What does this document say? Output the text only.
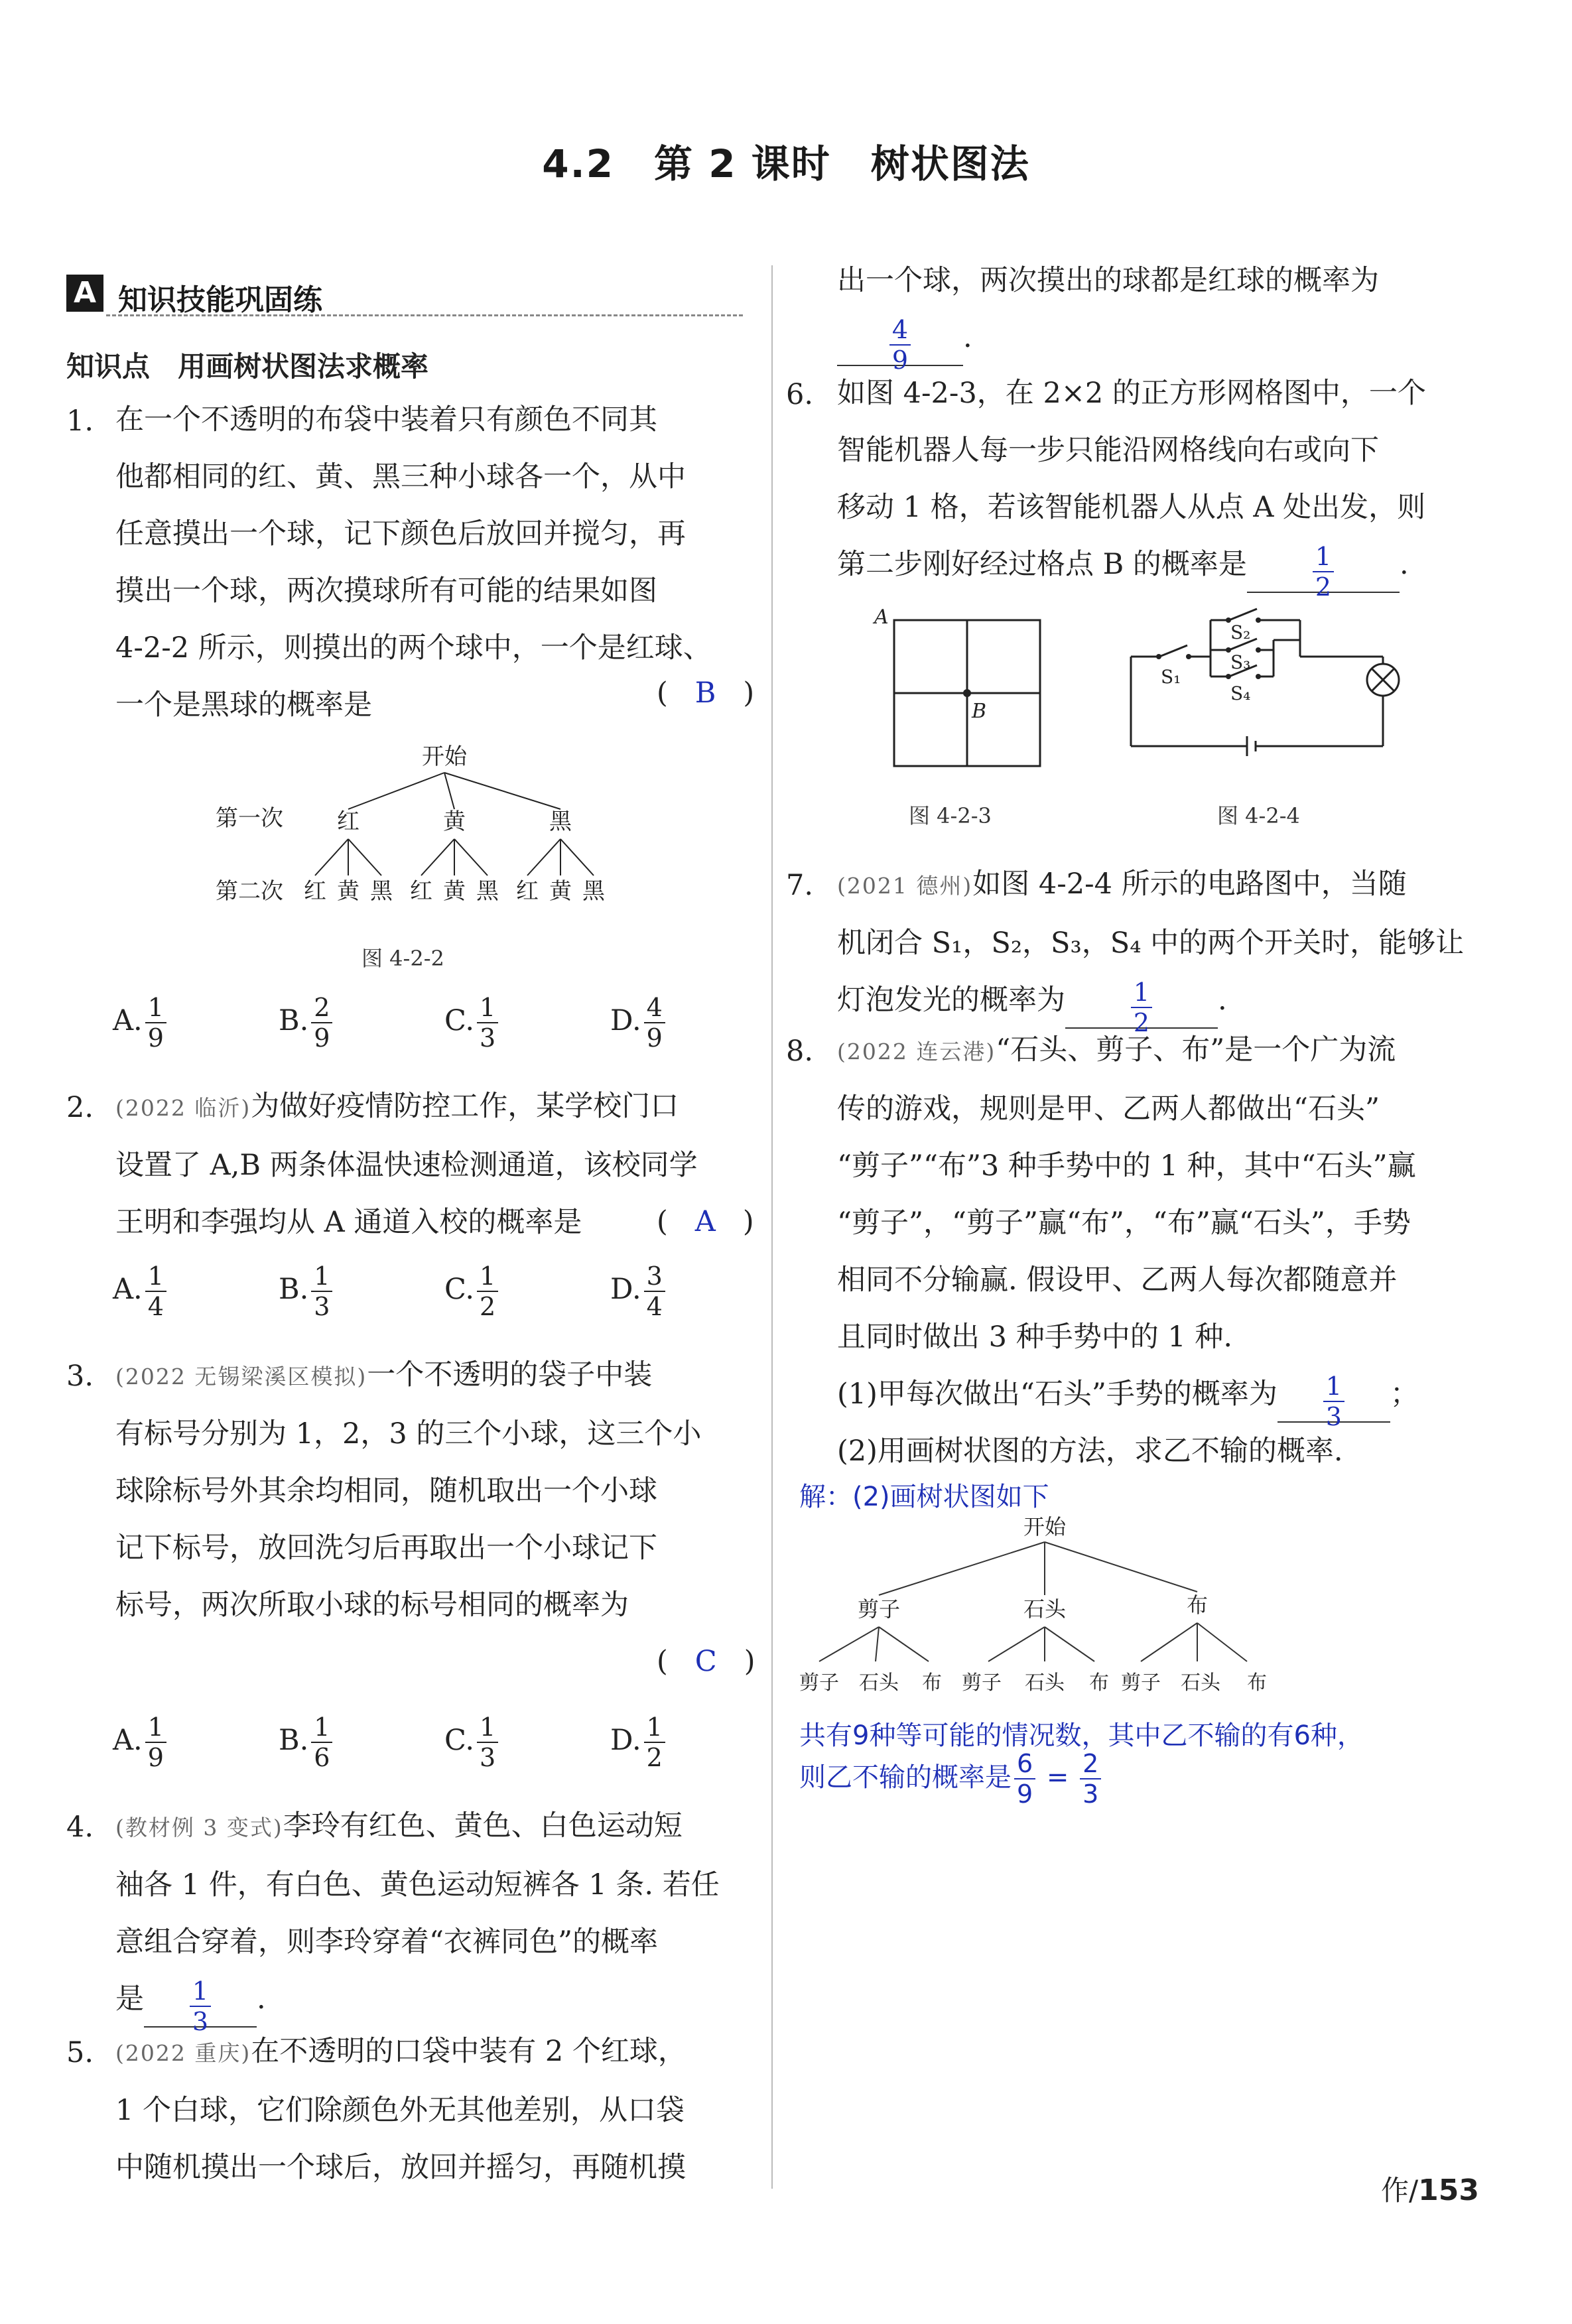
4.2　第 2 课时　树状图法
A 知识技能巩固练
知识点　用画树状图法求概率
1. 在一个不透明的布袋中装着只有颜色不同其
他都相同的红、黄、黑三种小球各一个，从中
任意摸出一个球，记下颜色后放回并搅匀，再
摸出一个球，两次摸球所有可能的结果如图
4-2-2 所示，则摸出的两个球中，一个是红球、
一个是黑球的概率是	(   B   )
开始
第一次 红	黄	黑
第二次 红 黄 黑 红 黄 黑 红 黄 黑
图 4-2-2
A. $\frac{1}{9}$	B. $\frac{2}{9}$	C. $\frac{1}{3}$	D. $\frac{4}{9}$
2. (2022 临沂)为做好疫情防控工作，某学校门口
设置了 A,B 两条体温快速检测通道，该校同学
王明和李强均从 A 通道入校的概率是	(   A   )
A. $\frac{1}{4}$	B. $\frac{1}{3}$	C. $\frac{1}{2}$	D. $\frac{3}{4}$
3. (2022 无锡梁溪区模拟)一个不透明的袋子中装
有标号分别为 1，2，3 的三个小球，这三个小
球除标号外其余均相同，随机取出一个小球
记下标号，放回洗匀后再取出一个小球记下
标号，两次所取小球的标号相同的概率为
(   C   )
A. $\frac{1}{9}$	B. $\frac{1}{6}$	C. $\frac{1}{3}$	D. $\frac{1}{2}$
4. (教材例 3 变式)李玲有红色、黄色、白色运动短
袖各 1 件，有白色、黄色运动短裤各 1 条. 若任
意组合穿着，则李玲穿着“衣裤同色”的概率
是 $\frac{1}{3}$ .
5. (2022 重庆)在不透明的口袋中装有 2 个红球，
1 个白球，它们除颜色外无其他差别，从口袋
中随机摸出一个球后，放回并摇匀，再随机摸
出一个球，两次摸出的球都是红球的概率为
$\frac{4}{9}$ .
6. 如图 4-2-3，在 2×2 的正方形网格图中，一个
智能机器人每一步只能沿网格线向右或向下
移动 1 格，若该智能机器人从点 A 处出发，则
第二步刚好经过格点 B 的概率是	$\frac{1}{2}$ .
A
B
图 4-2-3
S₁
S₂
S₃
S₄
图 4-2-4
7. (2021 德州)如图 4-2-4 所示的电路图中，当随
机闭合 S₁，S₂，S₃，S₄ 中的两个开关时，能够让
灯泡发光的概率为	$\frac{1}{2}$ .
8. (2022 连云港)“石头、剪子、布”是一个广为流
传的游戏，规则是甲、乙两人都做出“石头”
“剪子”“布”3 种手势中的 1 种，其中“石头”赢
“剪子”，“剪子”赢“布”，“布”赢“石头”，手势
相同不分输赢. 假设甲、乙两人每次都随意并
且同时做出 3 种手势中的 1 种.
(1)甲每次做出“石头”手势的概率为 $\frac{1}{3}$ ；
(2)用画树状图的方法，求乙不输的概率.
解：(2)画树状图如下
开始
剪子	石头	布
剪子 石头 布 剪子 石头 布 剪子 石头 布
共有9种等可能的情况数，其中乙不输的有6种，
则乙不输的概率是 $\frac{6}{9} = \frac{2}{3}$
作/153
